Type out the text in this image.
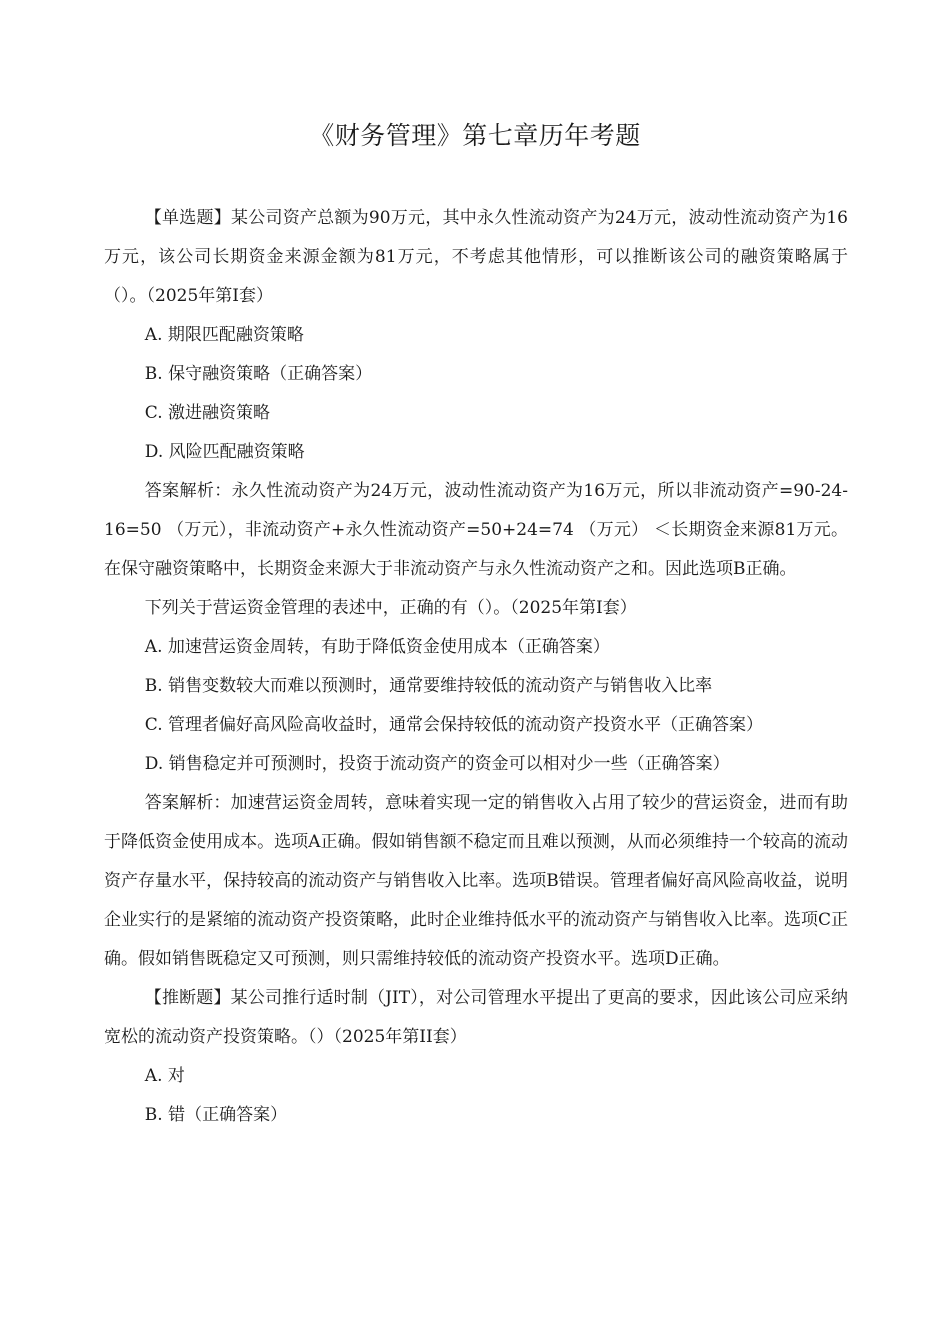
《财务管理》第七章历年考题

【单选题】某公司资产总额为90万元，其中永久性流动资产为24万元，波动性流动资产为16万元，该公司长期资金来源金额为81万元，不考虑其他情形，可以推断该公司的融资策略属于（）。（2025年第I套）

A. 期限匹配融资策略

B. 保守融资策略（正确答案）

C. 激进融资策略

D. 风险匹配融资策略

答案解析：永久性流动资产为24万元，波动性流动资产为16万元，所以非流动资产=90-24-16=50 （万元），非流动资产+永久性流动资产=50+24=74 （万元） ＜长期资金来源81万元。在保守融资策略中，长期资金来源大于非流动资产与永久性流动资产之和。因此选项B正确。

下列关于营运资金管理的表述中，正确的有（）。（2025年第I套）

A. 加速营运资金周转，有助于降低资金使用成本（正确答案）

B. 销售变数较大而难以预测时，通常要维持较低的流动资产与销售收入比率

C. 管理者偏好高风险高收益时，通常会保持较低的流动资产投资水平（正确答案）

D. 销售稳定并可预测时，投资于流动资产的资金可以相对少一些（正确答案）

答案解析：加速营运资金周转，意味着实现一定的销售收入占用了较少的营运资金，进而有助于降低资金使用成本。选项A正确。假如销售额不稳定而且难以预测，从而必须维持一个较高的流动资产存量水平，保持较高的流动资产与销售收入比率。选项B错误。管理者偏好高风险高收益，说明企业实行的是紧缩的流动资产投资策略，此时企业维持低水平的流动资产与销售收入比率。选项C正确。假如销售既稳定又可预测，则只需维持较低的流动资产投资水平。选项D正确。

【推断题】某公司推行适时制（JIT），对公司管理水平提出了更高的要求，因此该公司应采纳宽松的流动资产投资策略。（）（2025年第II套）

A. 对

B. 错（正确答案）
